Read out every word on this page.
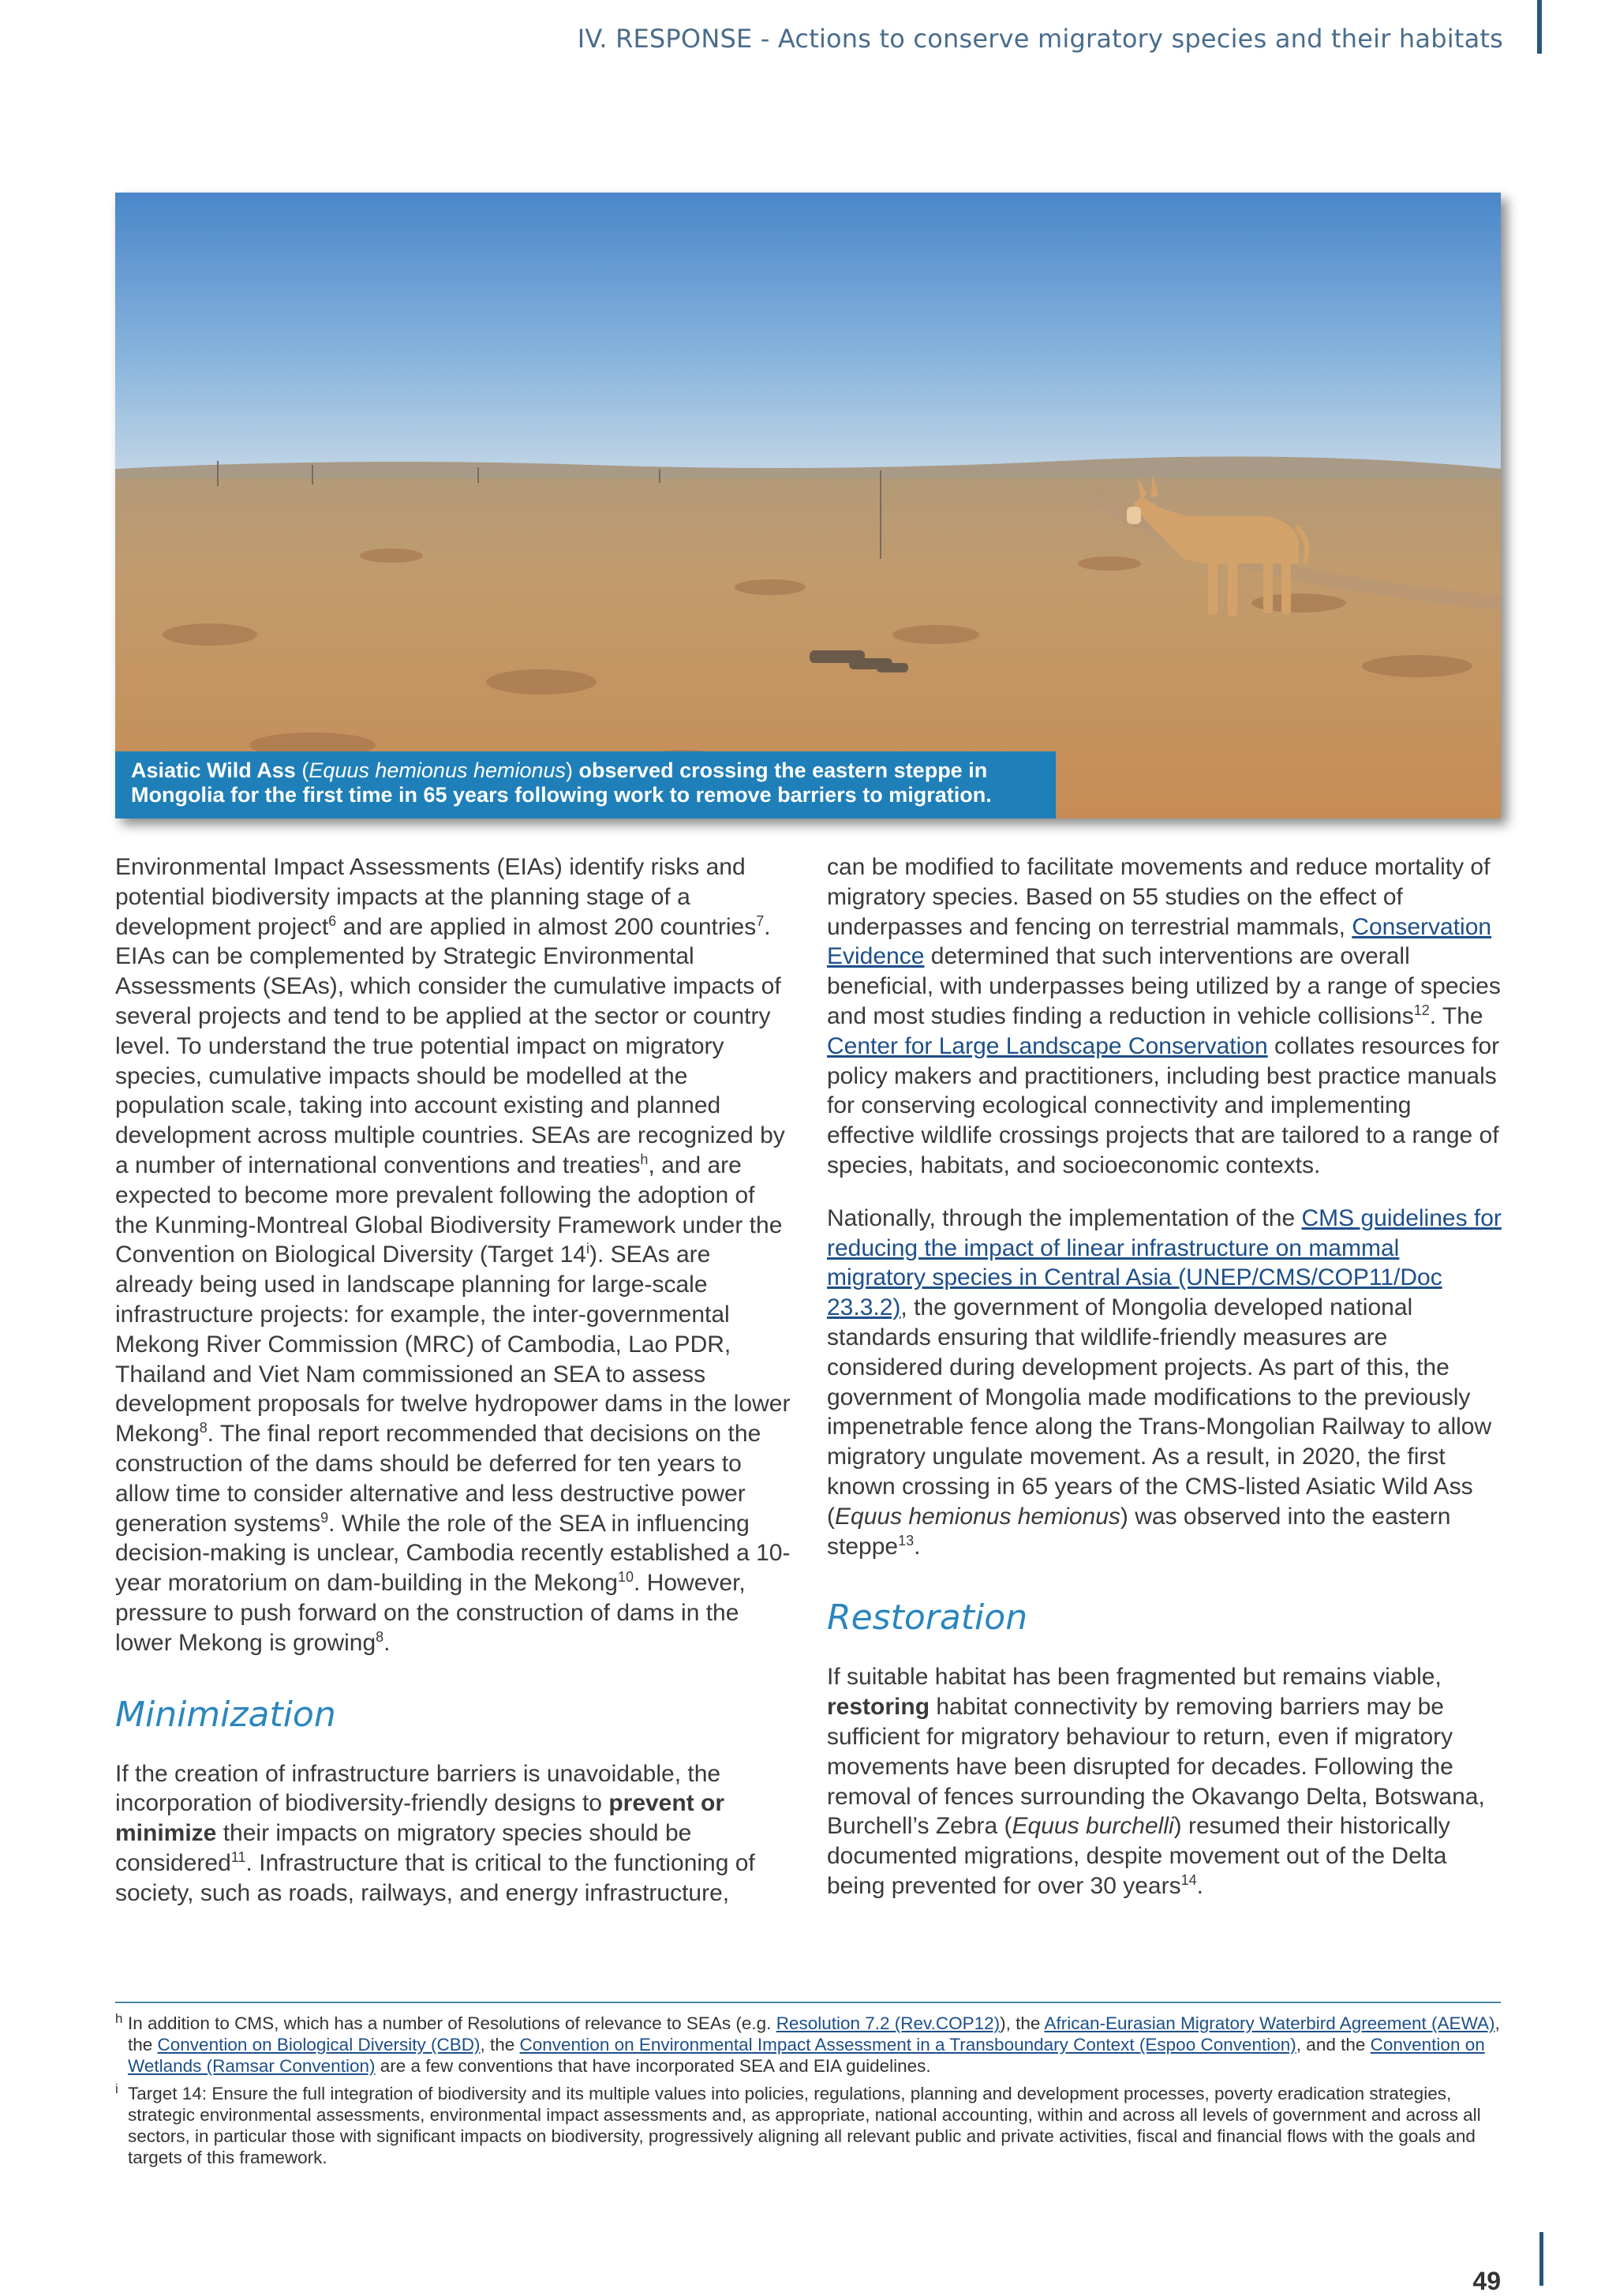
IV. RESPONSE - Actions to conserve migratory species and their habitats
Kirk Olson/WCS
Asiatic Wild Ass (Equus hemionus hemionus) observed crossing the eastern steppe in Mongolia for the first time in 65 years following work to remove barriers to migration.

Environmental Impact Assessments (EIAs) identify risks and potential biodiversity impacts at the planning stage of a development project$^6$ and are applied in almost 200 countries$^7$. EIAs can be complemented by Strategic Environmental Assessments (SEAs), which consider the cumulative impacts of several projects and tend to be applied at the sector or country level. To understand the true potential impact on migratory species, cumulative impacts should be modelled at the population scale, taking into account existing and planned development across multiple countries. SEAs are recognized by a number of international conventions and treaties$^h$, and are expected to become more prevalent following the adoption of the Kunming-Montreal Global Biodiversity Framework under the Convention on Biological Diversity (Target 14$^i$). SEAs are already being used in landscape planning for large-scale infrastructure projects: for example, the inter-governmental Mekong River Commission (MRC) of Cambodia, Lao PDR, Thailand and Viet Nam commissioned an SEA to assess development proposals for twelve hydropower dams in the lower Mekong$^8$. The final report recommended that decisions on the construction of the dams should be deferred for ten years to allow time to consider alternative and less destructive power generation systems$^9$. While the role of the SEA in influencing decision-making is unclear, Cambodia recently established a 10-year moratorium on dam-building in the Mekong$^{10}$. However, pressure to push forward on the construction of dams in the lower Mekong is growing$^8$.

Minimization

If the creation of infrastructure barriers is unavoidable, the incorporation of biodiversity-friendly designs to prevent or minimize their impacts on migratory species should be considered$^{11}$. Infrastructure that is critical to the functioning of society, such as roads, railways, and energy infrastructure,

can be modified to facilitate movements and reduce mortality of migratory species. Based on 55 studies on the effect of underpasses and fencing on terrestrial mammals, Conservation Evidence determined that such interventions are overall beneficial, with underpasses being utilized by a range of species and most studies finding a reduction in vehicle collisions$^{12}$. The Center for Large Landscape Conservation collates resources for policy makers and practitioners, including best practice manuals for conserving ecological connectivity and implementing effective wildlife crossings projects that are tailored to a range of species, habitats, and socioeconomic contexts.

Nationally, through the implementation of the CMS guidelines for reducing the impact of linear infrastructure on mammal migratory species in Central Asia (UNEP/CMS/COP11/Doc 23.3.2), the government of Mongolia developed national standards ensuring that wildlife-friendly measures are considered during development projects. As part of this, the government of Mongolia made modifications to the previously impenetrable fence along the Trans-Mongolian Railway to allow migratory ungulate movement. As a result, in 2020, the first known crossing in 65 years of the CMS-listed Asiatic Wild Ass (Equus hemionus hemionus) was observed into the eastern steppe$^{13}$.

Restoration

If suitable habitat has been fragmented but remains viable, restoring habitat connectivity by removing barriers may be sufficient for migratory behaviour to return, even if migratory movements have been disrupted for decades. Following the removal of fences surrounding the Okavango Delta, Botswana, Burchell’s Zebra (Equus burchelli) resumed their historically documented migrations, despite movement out of the Delta being prevented for over 30 years$^{14}$.

h In addition to CMS, which has a number of Resolutions of relevance to SEAs (e.g. Resolution 7.2 (Rev.COP12)), the African-Eurasian Migratory Waterbird Agreement (AEWA), the Convention on Biological Diversity (CBD), the Convention on Environmental Impact Assessment in a Transboundary Context (Espoo Convention), and the Convention on Wetlands (Ramsar Convention) are a few conventions that have incorporated SEA and EIA guidelines.
i Target 14: Ensure the full integration of biodiversity and its multiple values into policies, regulations, planning and development processes, poverty eradication strategies, strategic environmental assessments, environmental impact assessments and, as appropriate, national accounting, within and across all levels of government and across all sectors, in particular those with significant impacts on biodiversity, progressively aligning all relevant public and private activities, fiscal and financial flows with the goals and targets of this framework.
49
